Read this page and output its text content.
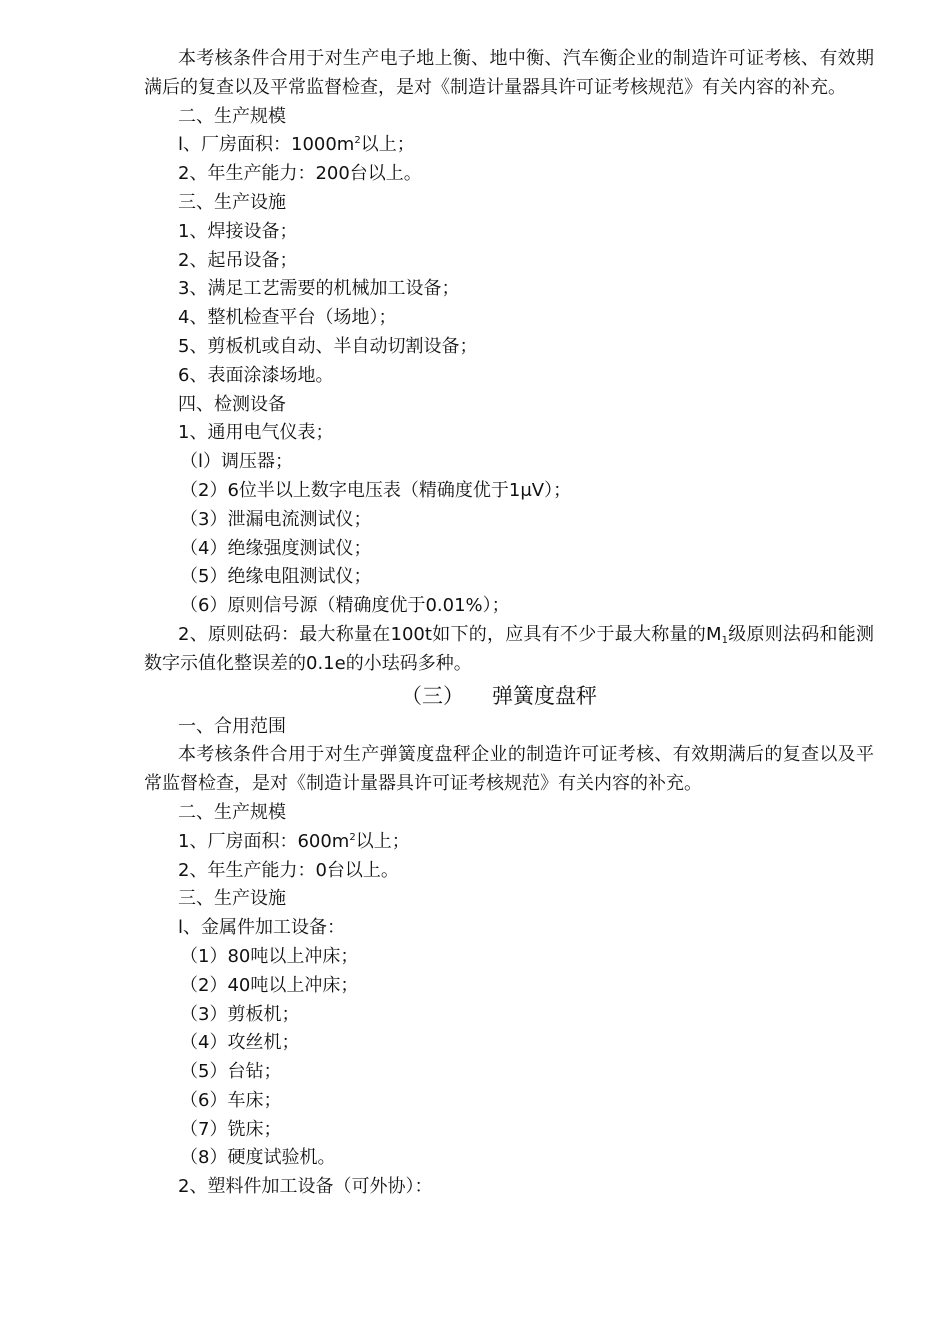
本考核条件合用于对生产电子地上衡、地中衡、汽车衡企业的制造许可证考核、有效期满后的复查以及平常监督检查，是对《制造计量器具许可证考核规范》有关内容的补充。
二、生产规模
l、厂房面积：$1000m^2$以上；
2、年生产能力：200台以上。
三、生产设施
1、焊接设备；
2、起吊设备；
3、满足工艺需要的机械加工设备；
4、整机检查平台（场地）；
5、剪板机或自动、半自动切割设备；
6、表面涂漆场地。
四、检测设备
1、通用电气仪表；
（l）调压器；
（2）6位半以上数字电压表（精确度优于1μV）；
（3）泄漏电流测试仪；
（4）绝缘强度测试仪；
（5）绝缘电阻测试仪；
（6）原则信号源（精确度优于0.01%）；
2、原则砝码：最大称量在100t如下的，应具有不少于最大称量的$M_1$级原则法码和能测数字示值化整误差的0.1e的小珐码多种。
（三） 弹簧度盘秤
一、合用范围
本考核条件合用于对生产弹簧度盘秤企业的制造许可证考核、有效期满后的复查以及平常监督检查，是对《制造计量器具许可证考核规范》有关内容的补充。
二、生产规模
1、厂房面积：$600m^2$以上；
2、年生产能力：0台以上。
三、生产设施
l、金属件加工设备：
（1）80吨以上冲床；
（2）40吨以上冲床；
（3）剪板机；
（4）攻丝机；
（5）台钻；
（6）车床；
（7）铣床；
（8）硬度试验机。
2、塑料件加工设备（可外协）：
